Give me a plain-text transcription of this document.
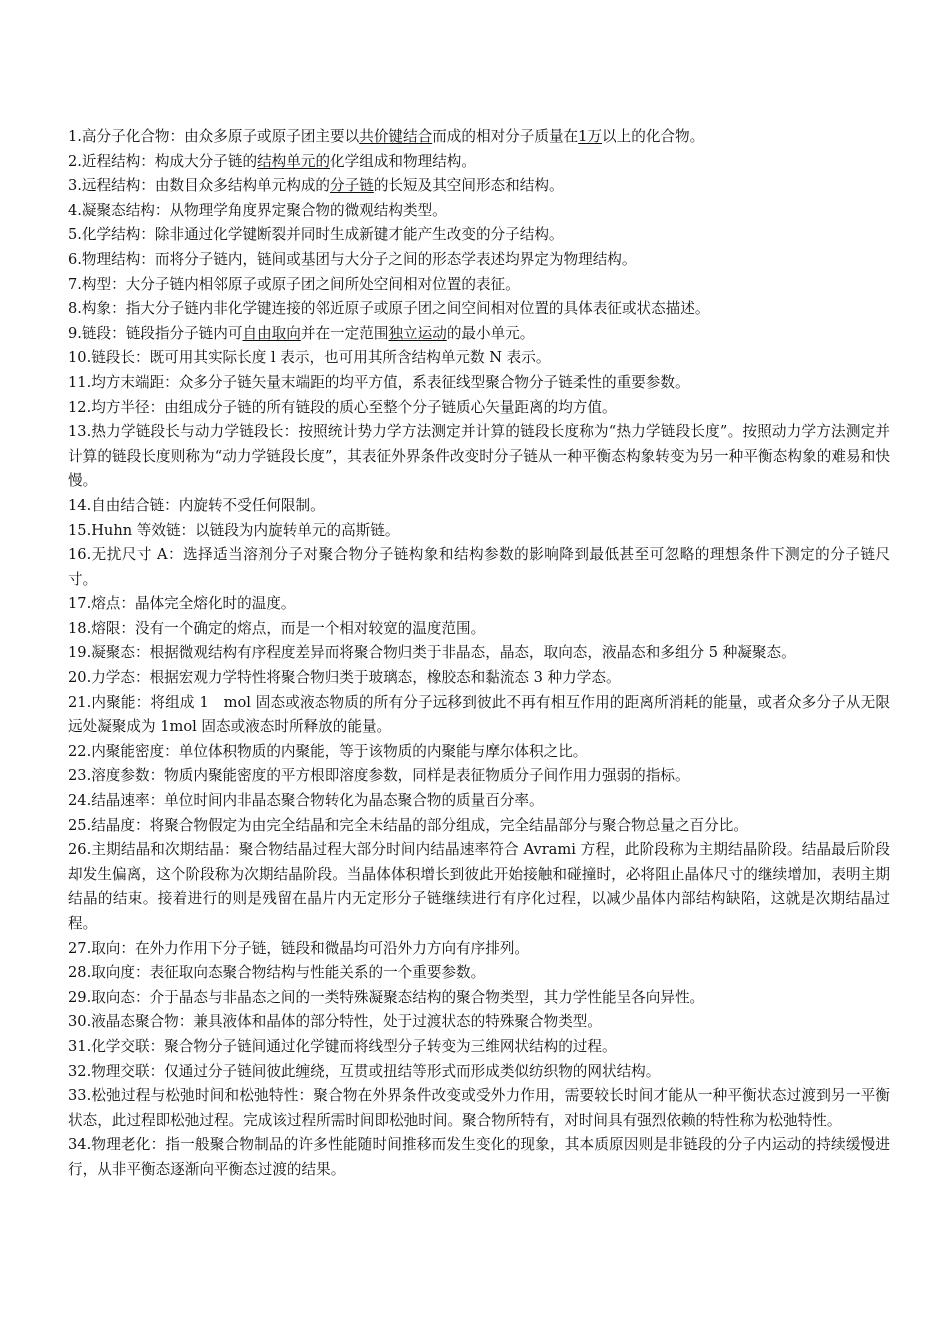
1.高分子化合物：由众多原子或原子团主要以共价键结合而成的相对分子质量在1万以上的化合物。

2.近程结构：构成大分子链的结构单元的化学组成和物理结构。

3.远程结构：由数目众多结构单元构成的分子链的长短及其空间形态和结构。

4.凝聚态结构：从物理学角度界定聚合物的微观结构类型。

5.化学结构：除非通过化学键断裂并同时生成新键才能产生改变的分子结构。

6.物理结构：而将分子链内，链间或基团与大分子之间的形态学表述均界定为物理结构。

7.构型：大分子链内相邻原子或原子团之间所处空间相对位置的表征。

8.构象：指大分子链内非化学键连接的邻近原子或原子团之间空间相对位置的具体表征或状态描述。

9.链段：链段指分子链内可自由取向并在一定范围独立运动的最小单元。

10.链段长：既可用其实际长度 l 表示，也可用其所含结构单元数 N 表示。

11.均方末端距：众多分子链矢量末端距的均平方值，系表征线型聚合物分子链柔性的重要参数。

12.均方半径：由组成分子链的所有链段的质心至整个分子链质心矢量距离的均方值。

13.热力学链段长与动力学链段长：按照统计势力学方法测定并计算的链段长度称为“热力学链段长度”。按照动力学方法测定并计算的链段长度则称为“动力学链段长度”，其表征外界条件改变时分子链从一种平衡态构象转变为另一种平衡态构象的难易和快慢。

14.自由结合链：内旋转不受任何限制。

15.Huhn 等效链：以链段为内旋转单元的高斯链。

16.无扰尺寸 A：选择适当溶剂分子对聚合物分子链构象和结构参数的影响降到最低甚至可忽略的理想条件下测定的分子链尺寸。

17.熔点：晶体完全熔化时的温度。

18.熔限：没有一个确定的熔点，而是一个相对较宽的温度范围。

19.凝聚态：根据微观结构有序程度差异而将聚合物归类于非晶态，晶态，取向态，液晶态和多组分 5 种凝聚态。

20.力学态：根据宏观力学特性将聚合物归类于玻璃态，橡胶态和黏流态 3 种力学态。

21.内聚能：将组成 1　mol 固态或液态物质的所有分子远移到彼此不再有相互作用的距离所消耗的能量，或者众多分子从无限远处凝聚成为 1mol 固态或液态时所释放的能量。

22.内聚能密度：单位体积物质的内聚能，等于该物质的内聚能与摩尔体积之比。

23.溶度参数：物质内聚能密度的平方根即溶度参数，同样是表征物质分子间作用力强弱的指标。

24.结晶速率：单位时间内非晶态聚合物转化为晶态聚合物的质量百分率。

25.结晶度：将聚合物假定为由完全结晶和完全未结晶的部分组成，完全结晶部分与聚合物总量之百分比。

26.主期结晶和次期结晶：聚合物结晶过程大部分时间内结晶速率符合 Avrami 方程，此阶段称为主期结晶阶段。结晶最后阶段却发生偏离，这个阶段称为次期结晶阶段。当晶体体积增长到彼此开始接触和碰撞时，必将阻止晶体尺寸的继续增加，表明主期结晶的结束。接着进行的则是残留在晶片内无定形分子链继续进行有序化过程，以减少晶体内部结构缺陷，这就是次期结晶过程。

27.取向：在外力作用下分子链，链段和微晶均可沿外力方向有序排列。

28.取向度：表征取向态聚合物结构与性能关系的一个重要参数。

29.取向态：介于晶态与非晶态之间的一类特殊凝聚态结构的聚合物类型，其力学性能呈各向异性。

30.液晶态聚合物：兼具液体和晶体的部分特性，处于过渡状态的特殊聚合物类型。

31.化学交联：聚合物分子链间通过化学键而将线型分子转变为三维网状结构的过程。

32.物理交联：仅通过分子链间彼此缠绕，互贯或扭结等形式而形成类似纺织物的网状结构。

33.松弛过程与松弛时间和松弛特性：聚合物在外界条件改变或受外力作用，需要较长时间才能从一种平衡状态过渡到另一平衡状态，此过程即松弛过程。完成该过程所需时间即松弛时间。聚合物所特有，对时间具有强烈依赖的特性称为松弛特性。

34.物理老化：指一般聚合物制品的许多性能随时间推移而发生变化的现象，其本质原因则是非链段的分子内运动的持续缓慢进行，从非平衡态逐渐向平衡态过渡的结果。
